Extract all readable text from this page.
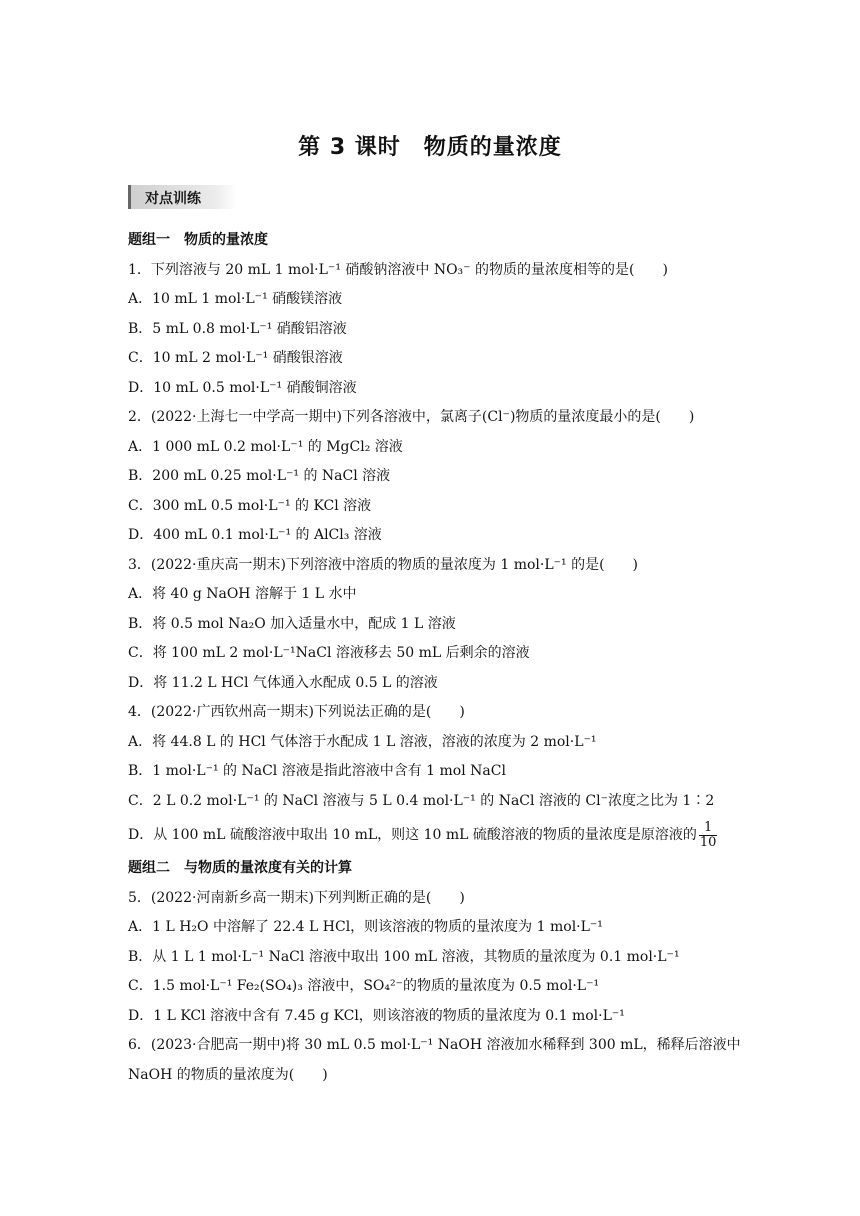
第 3 课时　物质的量浓度
对点训练
题组一　物质的量浓度
1．下列溶液与 20 mL 1 mol·L⁻¹ 硝酸钠溶液中 NO₃⁻ 的物质的量浓度相等的是(　　)
A．10 mL 1 mol·L⁻¹ 硝酸镁溶液
B．5 mL 0.8 mol·L⁻¹ 硝酸铝溶液
C．10 mL 2 mol·L⁻¹ 硝酸银溶液
D．10 mL 0.5 mol·L⁻¹ 硝酸铜溶液
2．(2022·上海七一中学高一期中)下列各溶液中，氯离子(Cl⁻)物质的量浓度最小的是(　　)
A．1 000 mL 0.2 mol·L⁻¹ 的 MgCl₂ 溶液
B．200 mL 0.25 mol·L⁻¹ 的 NaCl 溶液
C．300 mL 0.5 mol·L⁻¹ 的 KCl 溶液
D．400 mL 0.1 mol·L⁻¹ 的 AlCl₃ 溶液
3．(2022·重庆高一期末)下列溶液中溶质的物质的量浓度为 1 mol·L⁻¹ 的是(　　)
A．将 40 g NaOH 溶解于 1 L 水中
B．将 0.5 mol Na₂O 加入适量水中，配成 1 L 溶液
C．将 100 mL 2 mol·L⁻¹NaCl 溶液移去 50 mL 后剩余的溶液
D．将 11.2 L HCl 气体通入水配成 0.5 L 的溶液
4．(2022·广西钦州高一期末)下列说法正确的是(　　)
A．将 44.8 L 的 HCl 气体溶于水配成 1 L 溶液，溶液的浓度为 2 mol·L⁻¹
B．1 mol·L⁻¹ 的 NaCl 溶液是指此溶液中含有 1 mol NaCl
C．2 L 0.2 mol·L⁻¹ 的 NaCl 溶液与 5 L 0.4 mol·L⁻¹ 的 NaCl 溶液的 Cl⁻浓度之比为 1∶2
D．从 100 mL 硫酸溶液中取出 10 mL，则这 10 mL 硫酸溶液的物质的量浓度是原溶液的 $\frac{1}{10}$
题组二　与物质的量浓度有关的计算
5．(2022·河南新乡高一期末)下列判断正确的是(　　)
A．1 L H₂O 中溶解了 22.4 L HCl，则该溶液的物质的量浓度为 1 mol·L⁻¹
B．从 1 L 1 mol·L⁻¹ NaCl 溶液中取出 100 mL 溶液，其物质的量浓度为 0.1 mol·L⁻¹
C．1.5 mol·L⁻¹ Fe₂(SO₄)₃ 溶液中，SO₄²⁻的物质的量浓度为 0.5 mol·L⁻¹
D．1 L KCl 溶液中含有 7.45 g KCl，则该溶液的物质的量浓度为 0.1 mol·L⁻¹
6．(2023·合肥高一期中)将 30 mL 0.5 mol·L⁻¹ NaOH 溶液加水稀释到 300 mL，稀释后溶液中
NaOH 的物质的量浓度为(　　)
